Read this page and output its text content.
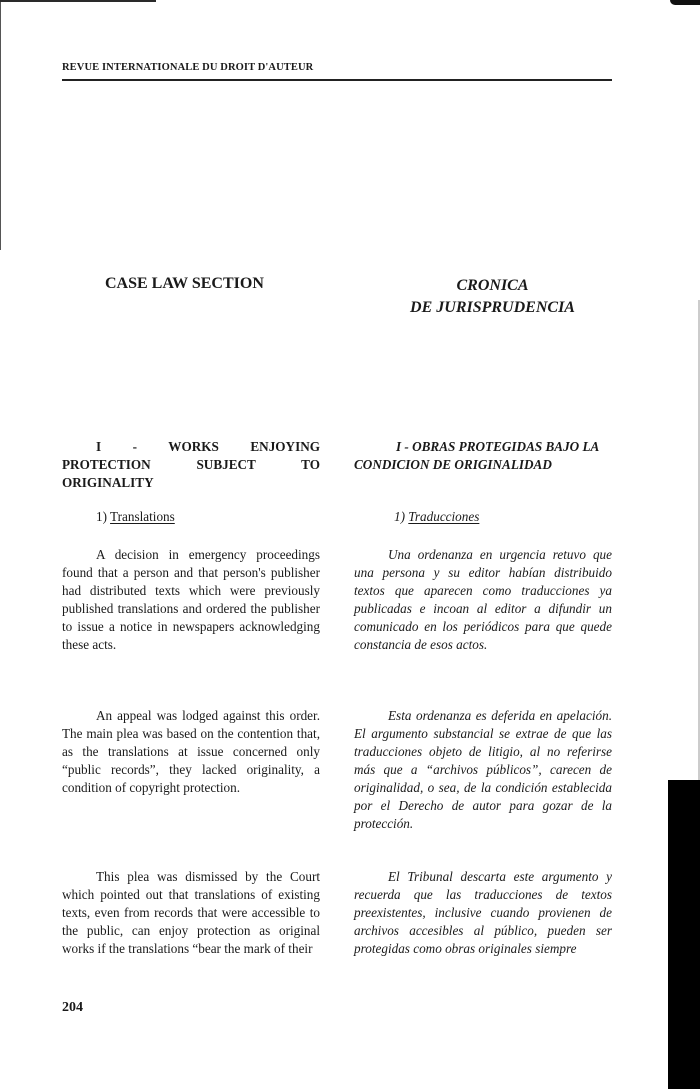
REVUE INTERNATIONALE DU DROIT D'AUTEUR
CASE LAW SECTION	CRONICA
DE JURISPRUDENCIA
I - WORKS ENJOYING PROTECTION SUBJECT TO ORIGINALITY
I - OBRAS PROTEGIDAS BAJO LA CONDICION DE ORIGINALIDAD
1) Translations	1) Traducciones
A decision in emergency proceedings found that a person and that person's publisher had distributed texts which were previously published translations and ordered the publisher to issue a notice in newspapers acknowledging these acts.
An appeal was lodged against this order. The main plea was based on the contention that, as the translations at issue concerned only “public records”, they lacked originality, a condition of copyright protection.
This plea was dismissed by the Court which pointed out that translations of existing texts, even from records that were accessible to the public, can enjoy protection as original works if the translations “bear the mark of their
Una ordenanza en urgencia retuvo que una persona y su editor habían distribuido textos que aparecen como traducciones ya publicadas e incoan al editor a difundir un comunicado en los periódicos para que quede constancia de esos actos.
Esta ordenanza es deferida en apelación. El argumento substancial se extrae de que las traducciones objeto de litigio, al no referirse más que a “archivos públicos”, carecen de originalidad, o sea, de la condición establecida por el Derecho de autor para gozar de la protección.
El Tribunal descarta este argumento y recuerda que las traducciones de textos preexistentes, inclusive cuando provienen de archivos accesibles al público, pueden ser protegidas como obras originales siempre
204
